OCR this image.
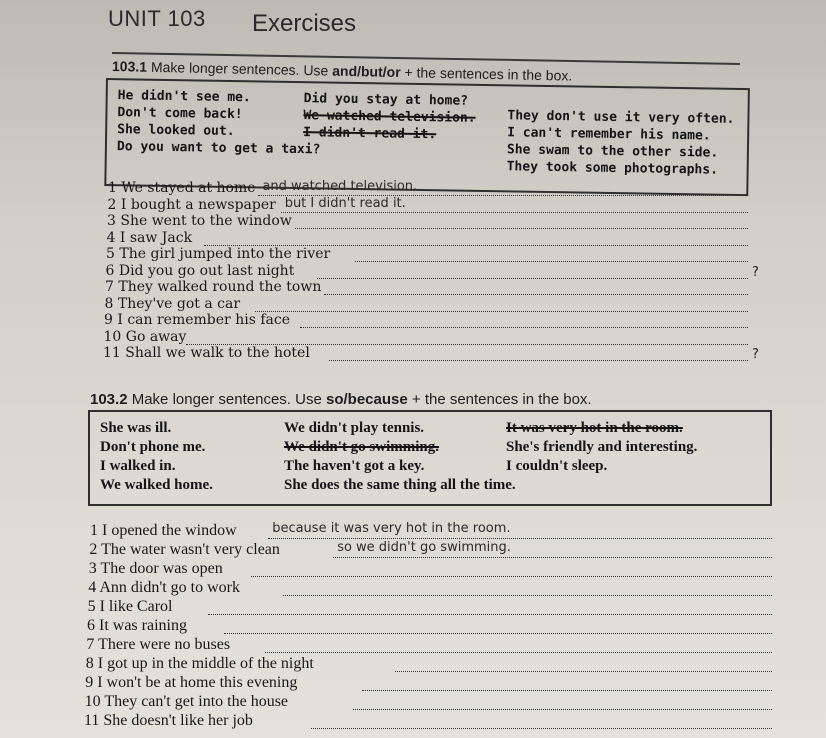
UNIT 103 Exercises
103.1 Make longer sentences. Use and/but/or + the sentences in the box.
He didn't see me.
Don't come back!
She looked out.
Do you want to get a taxi?
Did you stay at home?
We watched television.
I didn't read it.
They don't use it very often.
I can't remember his name.
She swam to the other side.
They took some photographs.
1 We stayed at home and watched television.
2 I bought a newspaper but I didn't read it.
3 She went to the window
4 I saw Jack
5 The girl jumped into the river
6 Did you go out last night	?
7 They walked round the town
8 They've got a car
9 I can remember his face
10 Go away
11 Shall we walk to the hotel	?
103.2 Make longer sentences. Use so/because + the sentences in the box.
She was ill.
Don't phone me.
I walked in.
We walked home.
We didn't play tennis.
We didn't go swimming.
The haven't got a key.
She does the same thing all the time.
It was very hot in the room.
She's friendly and interesting.
I couldn't sleep.
1 I opened the window	because it was very hot in the room.
2 The water wasn't very clean	so we didn't go swimming.
3 The door was open
4 Ann didn't go to work
5 I like Carol
6 It was raining
7 There were no buses
8 I got up in the middle of the night
9 I won't be at home this evening
10 They can't get into the house
11 She doesn't like her job
